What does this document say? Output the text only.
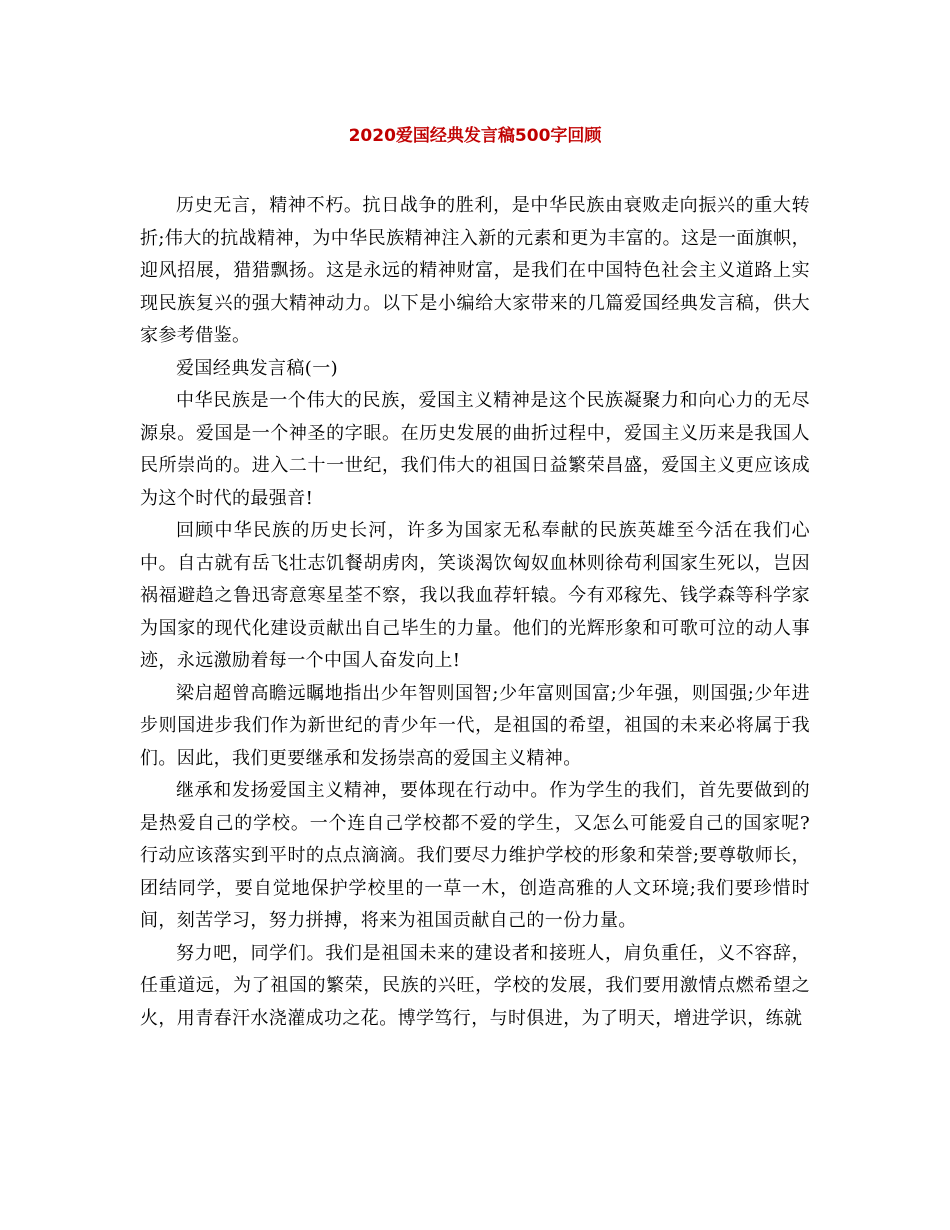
2020爱国经典发言稿500字回顾

历史无言，精神不朽。抗日战争的胜利，是中华民族由衰败走向振兴的重大转折;伟大的抗战精神，为中华民族精神注入新的元素和更为丰富的。这是一面旗帜，迎风招展，猎猎飘扬。这是永远的精神财富，是我们在中国特色社会主义道路上实现民族复兴的强大精神动力。以下是小编给大家带来的几篇爱国经典发言稿，供大家参考借鉴。

爱国经典发言稿(一)

中华民族是一个伟大的民族，爱国主义精神是这个民族凝聚力和向心力的无尽源泉。爱国是一个神圣的字眼。在历史发展的曲折过程中，爱国主义历来是我国人民所崇尚的。进入二十一世纪，我们伟大的祖国日益繁荣昌盛，爱国主义更应该成为这个时代的最强音!

回顾中华民族的历史长河，许多为国家无私奉献的民族英雄至今活在我们心中。自古就有岳飞壮志饥餐胡虏肉，笑谈渴饮匈奴血林则徐苟利国家生死以，岂因祸福避趋之鲁迅寄意寒星荃不察，我以我血荐轩辕。今有邓稼先、钱学森等科学家为国家的现代化建设贡献出自己毕生的力量。他们的光辉形象和可歌可泣的动人事迹，永远激励着每一个中国人奋发向上!

梁启超曾高瞻远瞩地指出少年智则国智;少年富则国富;少年强，则国强;少年进步则国进步我们作为新世纪的青少年一代，是祖国的希望，祖国的未来必将属于我们。因此，我们更要继承和发扬崇高的爱国主义精神。

继承和发扬爱国主义精神，要体现在行动中。作为学生的我们，首先要做到的是热爱自己的学校。一个连自己学校都不爱的学生，又怎么可能爱自己的国家呢?行动应该落实到平时的点点滴滴。我们要尽力维护学校的形象和荣誉;要尊敬师长，团结同学，要自觉地保护学校里的一草一木，创造高雅的人文环境;我们要珍惜时间，刻苦学习，努力拼搏，将来为祖国贡献自己的一份力量。

努力吧，同学们。我们是祖国未来的建设者和接班人，肩负重任，义不容辞，任重道远，为了祖国的繁荣，民族的兴旺，学校的发展，我们要用激情点燃希望之火，用青春汗水浇灌成功之花。博学笃行，与时俱进，为了明天，增进学识，练就
